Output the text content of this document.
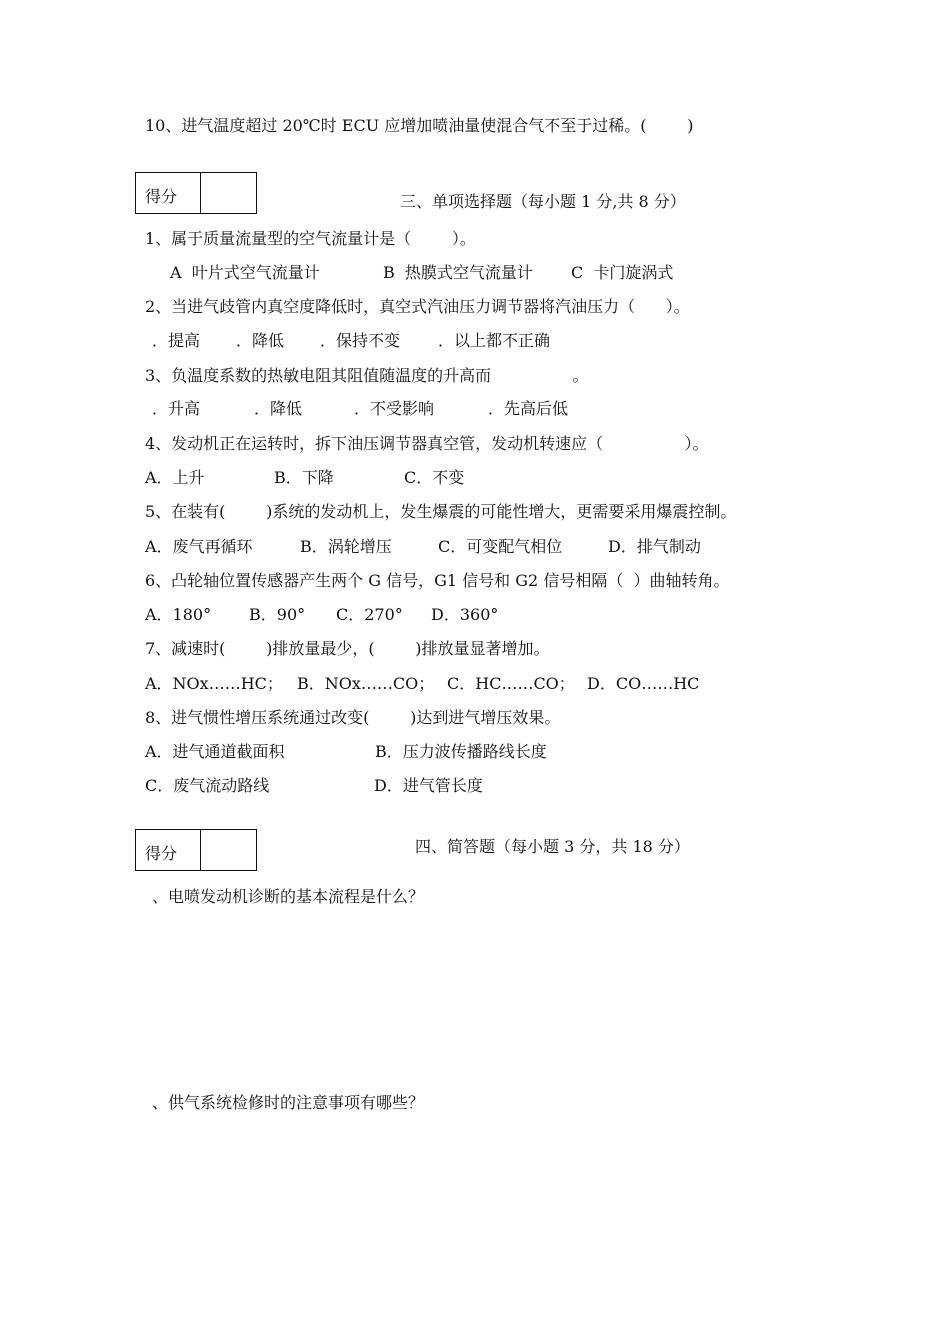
10、进气温度超过 20℃时 ECU 应增加喷油量使混合气不至于过稀。(        )
得分	三、单项选择题（每小题 1 分,共 8 分）
1、属于质量流量型的空气流量计是（        ）。
A  叶片式空气流量计	B  热膜式空气流量计 C  卡门旋涡式
2、当进气歧管内真空度降低时，真空式汽油压力调节器将汽油压力（      ）。
．提高 ．降低 ．保持不变 ．以上都不正确
3、负温度系数的热敏电阻其阻值随温度的升高而                。
．升高	．降低	．不受影响	．先高后低
4、发动机正在运转时，拆下油压调节器真空管，发动机转速应（                ）。
A．上升	B．下降	C．不变
5、在装有(        )系统的发动机上，发生爆震的可能性增大，更需要采用爆震控制。
A．废气再循环	B．涡轮增压	C．可变配气相位	D．排气制动
6、凸轮轴位置传感器产生两个 G 信号，G1 信号和 G2 信号相隔（  ）曲轴转角。
A．180° B．90° C．270° D．360°
7、减速时(        )排放量最少，(        )排放量显著增加。
A．NOx……HC； B．NOx……CO； C．HC……CO； D．CO……HC
8、进气惯性增压系统通过改变(        )达到进气增压效果。
A．进气通道截面积	B．压力波传播路线长度
C．废气流动路线	D．进气管长度
得分	四、简答题（每小题 3 分，共 18 分）
、电喷发动机诊断的基本流程是什么？
、供气系统检修时的注意事项有哪些？
